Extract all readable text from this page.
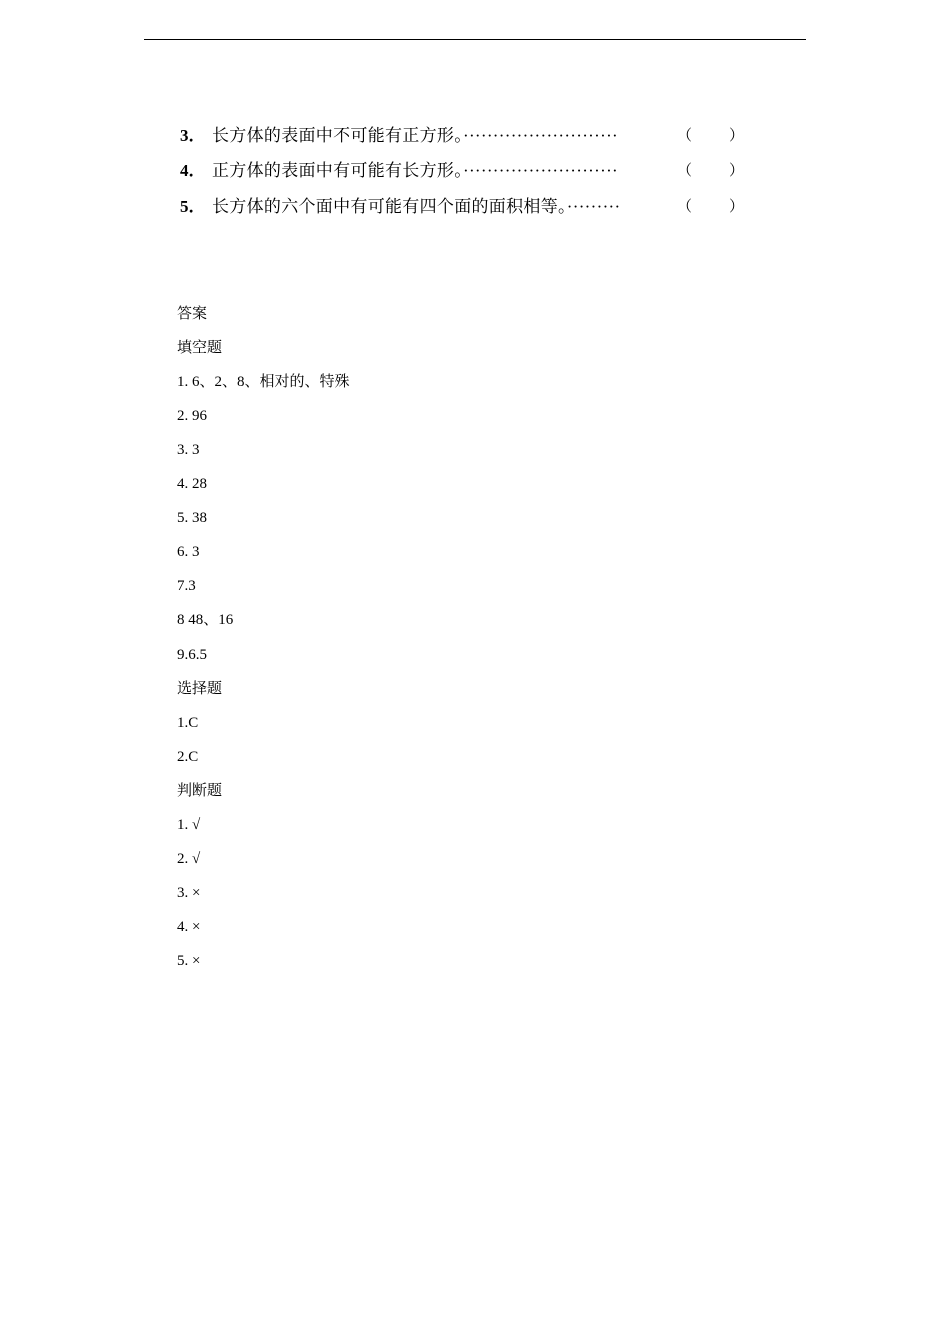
3． 长方体的表面中不可能有正方形。··························	（ ）
4． 正方体的表面中有可能有长方形。··························	（ ）
5． 长方体的六个面中有可能有四个面的面积相等。·········	（ ）
答案
填空题
1. 6、2、8、相对的、特殊
2. 96
3. 3
4. 28
5. 38
6. 3
7.3
8 48、16
9.6.5
选择题
1.C
2.C
判断题
1. √
2. √
3. ×
4. ×
5. ×
